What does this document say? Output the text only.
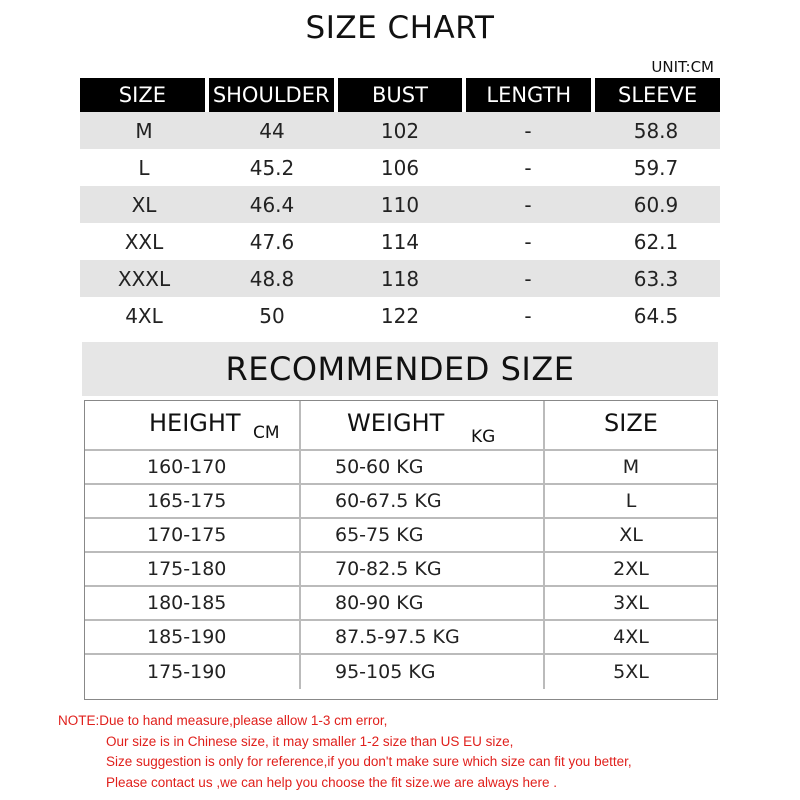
SIZE CHART
UNIT:CM
SIZE	SHOULDER	BUST	LENGTH	SLEEVE
M	44	102	-	58.8
L	45.2	106	-	59.7
XL	46.4	110	-	60.9
XXL	47.6	114	-	62.1
XXXL	48.8	118	-	63.3
4XL	50	122	-	64.5
RECOMMENDED SIZE
HEIGHT CM	WEIGHT KG	SIZE
160-170	50-60 KG	M
165-175	60-67.5 KG	L
170-175	65-75 KG	XL
175-180	70-82.5 KG	2XL
180-185	80-90 KG	3XL
185-190	87.5-97.5 KG	4XL
175-190	95-105 KG	5XL
NOTE:Due to hand measure,please allow 1-3 cm error,
Our size is in Chinese size, it may smaller 1-2 size than US EU size,
Size suggestion is only for reference,if you don't make sure which size can fit you better,
Please contact us ,we can help you choose the fit size.we are always here .
